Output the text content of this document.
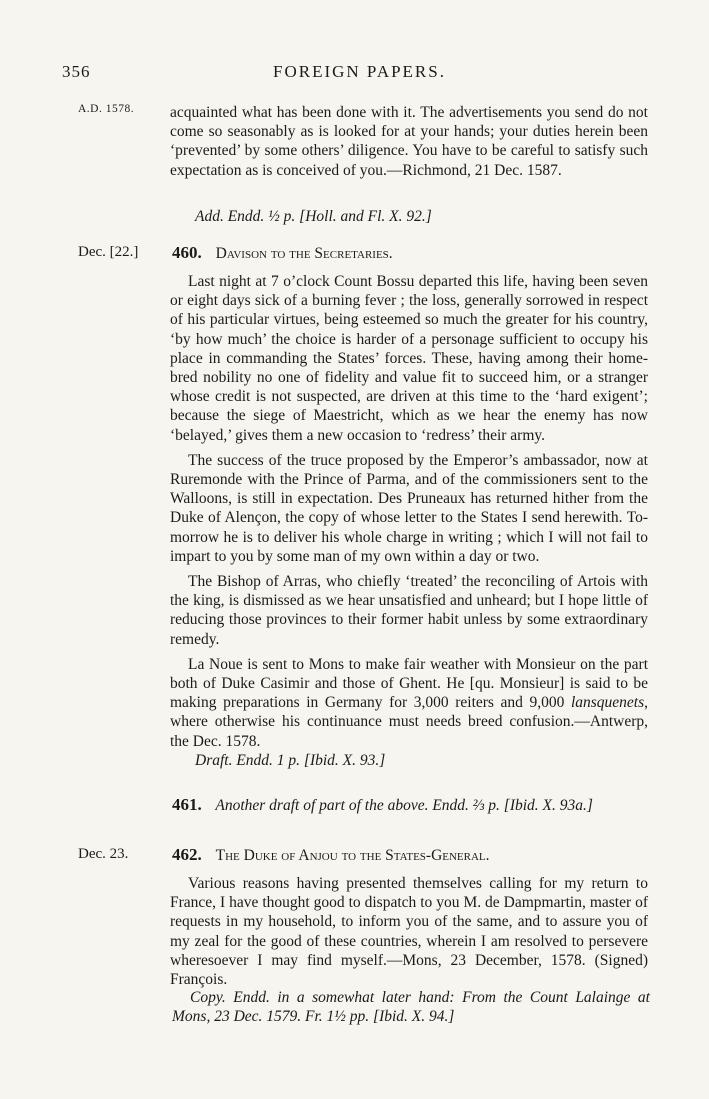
356	FOREIGN PAPERS.
A.D. 1578. acquainted what has been done with it. The advertisements you send do not come so seasonably as is looked for at your hands; your duties herein been ‘prevented’ by some others’ diligence. You have to be careful to satisfy such expectation as is conceived of you.—Richmond, 21 Dec. 1587.

Add. Endd. ½ p. [Holl. and Fl. X. 92.]
Dec. [22.] 460. Davison to the Secretaries.

Last night at 7 o’clock Count Bossu departed this life, having been seven or eight days sick of a burning fever ; the loss, generally sorrowed in respect of his particular virtues, being esteemed so much the greater for his country, ‘by how much’ the choice is harder of a personage sufficient to occupy his place in commanding the States’ forces. These, having among their home-bred nobility no one of fidelity and value fit to succeed him, or a stranger whose credit is not suspected, are driven at this time to the ‘hard exigent’; because the siege of Maestricht, which as we hear the enemy has now ‘belayed,’ gives them a new occasion to ‘redress’ their army.

The success of the truce proposed by the Emperor’s ambassador, now at Ruremonde with the Prince of Parma, and of the commissioners sent to the Walloons, is still in expectation. Des Pruneaux has returned hither from the Duke of Alençon, the copy of whose letter to the States I send herewith. To-morrow he is to deliver his whole charge in writing ; which I will not fail to impart to you by some man of my own within a day or two.

The Bishop of Arras, who chiefly ‘treated’ the reconciling of Artois with the king, is dismissed as we hear unsatisfied and unheard; but I hope little of reducing those provinces to their former habit unless by some extraordinary remedy.

La Noue is sent to Mons to make fair weather with Monsieur on the part both of Duke Casimir and those of Ghent. He [qu. Monsieur] is said to be making preparations in Germany for 3,000 reiters and 9,000 lansquenets, where otherwise his continuance must needs breed confusion.—Antwerp, the Dec. 1578.

Draft. Endd. 1 p. [Ibid. X. 93.]
461. Another draft of part of the above. Endd. ⅔ p. [Ibid. X. 93a.]
Dec. 23.	462. The Duke of Anjou to the States-General.

Various reasons having presented themselves calling for my return to France, I have thought good to dispatch to you M. de Dampmartin, master of requests in my household, to inform you of the same, and to assure you of my zeal for the good of these countries, wherein I am resolved to persevere wheresoever I may find myself.—Mons, 23 December, 1578. (Signed) François.

Copy. Endd. in a somewhat later hand: From the Count Lalainge at Mons, 23 Dec. 1579. Fr. 1½ pp. [Ibid. X. 94.]
